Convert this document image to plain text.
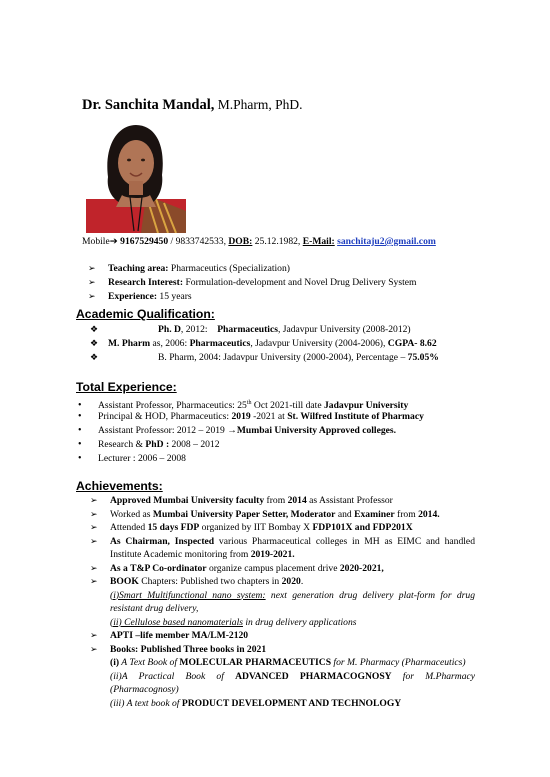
Dr. Sanchita Mandal, M.Pharm, PhD.
Mobile➔ 9167529450 / 9833742533, DOB: 25.12.1982, E-Mail: sanchitaju2@gmail.com
➢ Teaching area: Pharmaceutics (Specialization)
➢ Research Interest: Formulation-development and Novel Drug Delivery System
➢ Experience: 15 years
Academic Qualification:
❖	Ph. D, 2012:    Pharmaceutics, Jadavpur University (2008-2012)
❖ M. Pharm as, 2006: Pharmaceutics, Jadavpur University (2004-2006), CGPA- 8.62
❖	B. Pharm, 2004: Jadavpur University (2000-2004), Percentage – 75.05%
Total Experience:
• Assistant Professor, Pharmaceutics: 25th Oct 2021-till date Jadavpur University
• Principal & HOD, Pharmaceutics: 2019 -2021 at St. Wilfred Institute of Pharmacy
• Assistant Professor: 2012 – 2019 →Mumbai University Approved colleges.
• Research & PhD : 2008 – 2012
• Lecturer : 2006 – 2008
Achievements:
➢ Approved Mumbai University faculty from 2014 as Assistant Professor
➢ Worked as Mumbai University Paper Setter, Moderator and Examiner from 2014.
➢ Attended 15 days FDP organized by IIT Bombay X FDP101X and FDP201X
➢ As Chairman, Inspected various Pharmaceutical colleges in MH as EIMC and handled Institute Academic monitoring from 2019-2021.
➢ As a T&P Co-ordinator organize campus placement drive 2020-2021,
➢ BOOK Chapters: Published two chapters in 2020.
(i)Smart Multifunctional nano system: next generation drug delivery plat-form for drug resistant drug delivery,
(ii) Cellulose based nanomaterials in drug delivery applications
➢ APTI –life member MA/LM-2120
➢ Books: Published Three books in 2021
(i) A Text Book of MOLECULAR PHARMACEUTICS for M. Pharmacy (Pharmaceutics)
(ii)A Practical Book of ADVANCED PHARMACOGNOSY for M.Pharmacy (Pharmacognosy)
(iii) A text book of PRODUCT DEVELOPMENT AND TECHNOLOGY
